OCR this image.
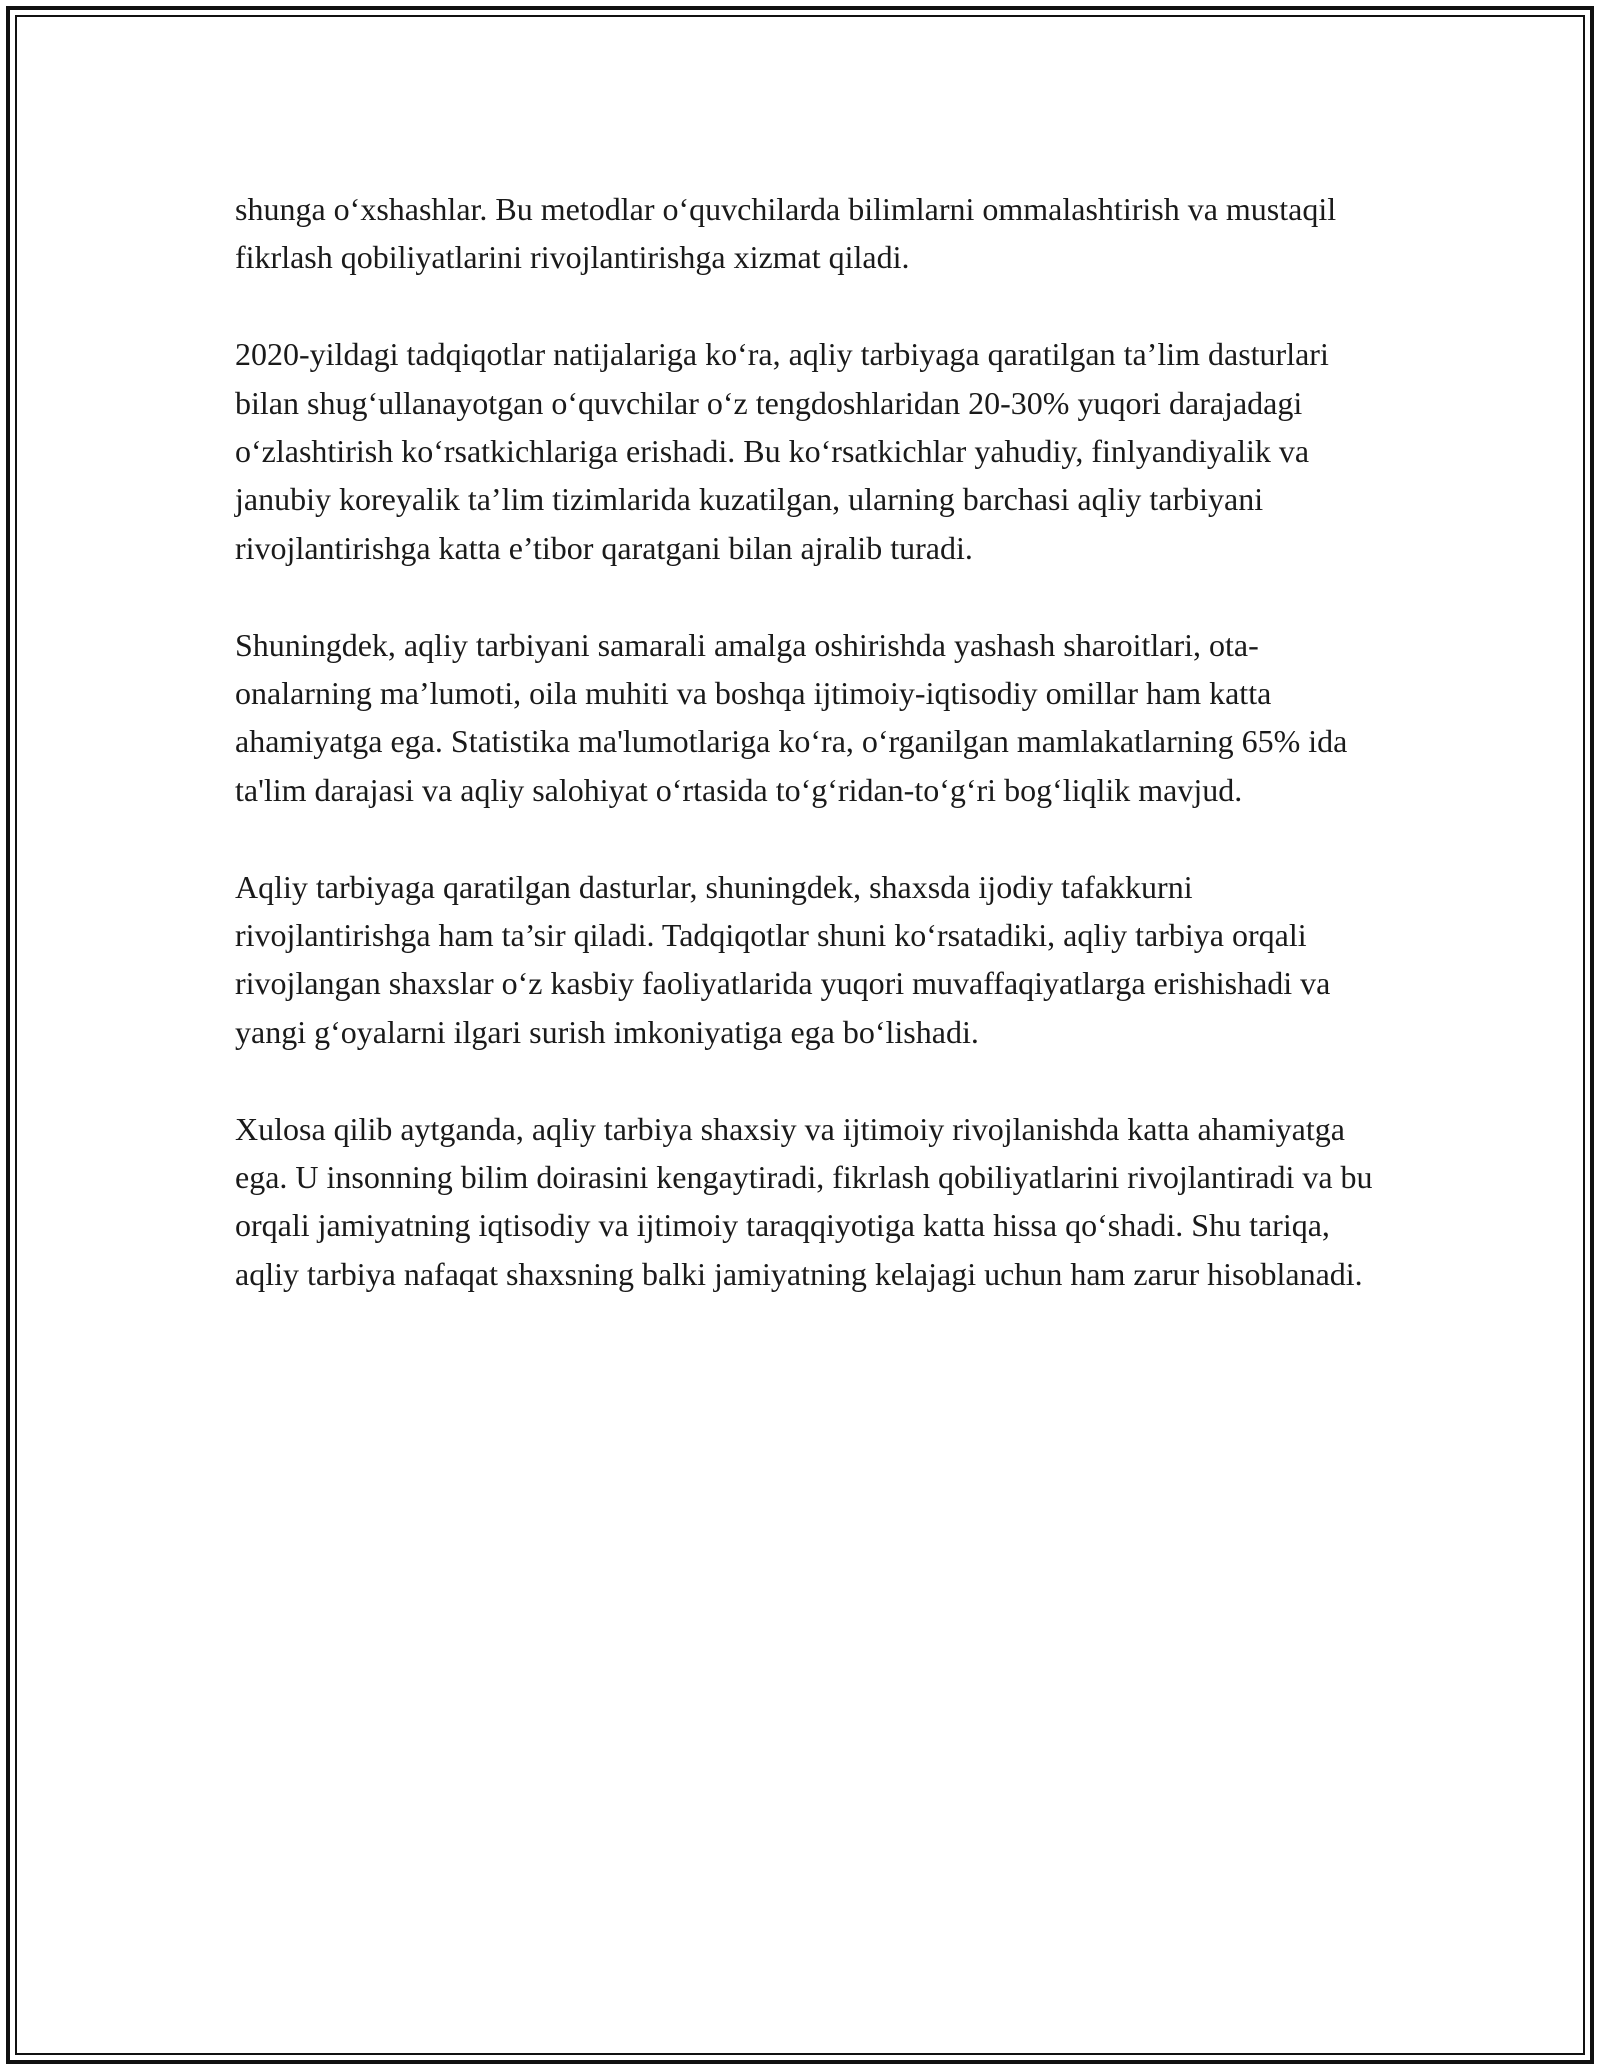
shunga o‘xshashlar. Bu metodlar o‘quvchilarda bilimlarni ommalashtirish va mustaqil fikrlash qobiliyatlarini rivojlantirishga xizmat qiladi.

2020-yildagi tadqiqotlar natijalariga ko‘ra, aqliy tarbiyaga qaratilgan ta’lim dasturlari bilan shug‘ullanayotgan o‘quvchilar o‘z tengdoshlaridan 20-30% yuqori darajadagi o‘zlashtirish ko‘rsatkichlariga erishadi. Bu ko‘rsatkichlar yahudiy, finlyandiyalik va janubiy koreyalik ta’lim tizimlarida kuzatilgan, ularning barchasi aqliy tarbiyani rivojlantirishga katta e’tibor qaratgani bilan ajralib turadi.

Shuningdek, aqliy tarbiyani samarali amalga oshirishda yashash sharoitlari, ota-onalarning ma’lumoti, oila muhiti va boshqa ijtimoiy-iqtisodiy omillar ham katta ahamiyatga ega. Statistika ma'lumotlariga ko‘ra, o‘rganilgan mamlakatlarning 65% ida ta'lim darajasi va aqliy salohiyat o‘rtasida to‘g‘ridan-to‘g‘ri bog‘liqlik mavjud.

Aqliy tarbiyaga qaratilgan dasturlar, shuningdek, shaxsda ijodiy tafakkurni rivojlantirishga ham ta’sir qiladi. Tadqiqotlar shuni ko‘rsatadiki, aqliy tarbiya orqali rivojlangan shaxslar o‘z kasbiy faoliyatlarida yuqori muvaffaqiyatlarga erishishadi va yangi g‘oyalarni ilgari surish imkoniyatiga ega bo‘lishadi.

Xulosa qilib aytganda, aqliy tarbiya shaxsiy va ijtimoiy rivojlanishda katta ahamiyatga ega. U insonning bilim doirasini kengaytiradi, fikrlash qobiliyatlarini rivojlantiradi va bu orqali jamiyatning iqtisodiy va ijtimoiy taraqqiyotiga katta hissa qo‘shadi. Shu tariqa, aqliy tarbiya nafaqat shaxsning balki jamiyatning kelajagi uchun ham zarur hisoblanadi.
